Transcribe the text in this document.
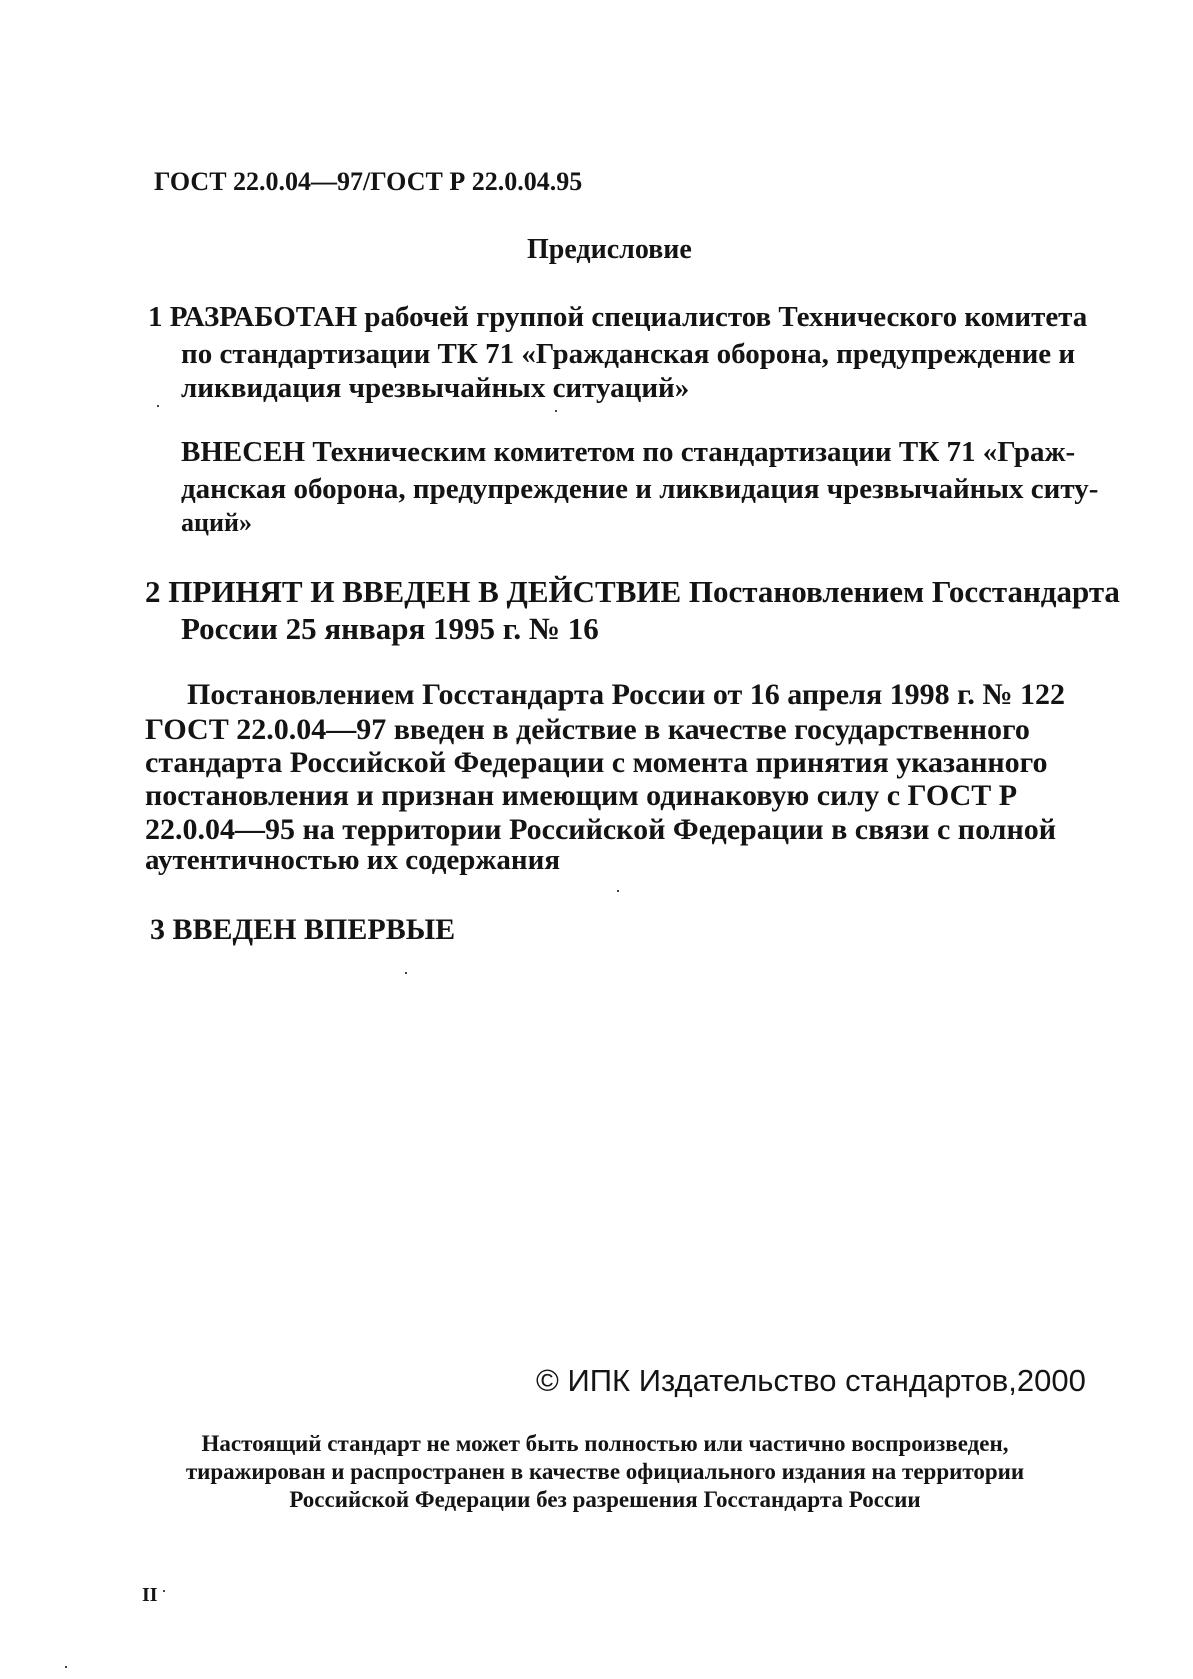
ГОСТ 22.0.04—97/ГОСТ Р 22.0.04.95
Предисловие
1 РАЗРАБОТАН рабочей группой специалистов Технического комитета
по стандартизации ТК 71 «Гражданская оборона, предупреждение и
ликвидация чрезвычайных ситуаций»
ВНЕСЕН Техническим комитетом по стандартизации ТК 71 «Граж-
данская оборона, предупреждение и ликвидация чрезвычайных ситу-
аций»
2 ПРИНЯТ И ВВЕДЕН В ДЕЙСТВИЕ Постановлением Госстандарта
России 25 января 1995 г. № 16
Постановлением Госстандарта России от 16 апреля 1998 г. № 122
ГОСТ 22.0.04—97 введен в действие в качестве государственного
стандарта Российской Федерации с момента принятия указанного
постановления и признан имеющим одинаковую силу с ГОСТ Р
22.0.04—95 на территории Российской Федерации в связи с полной
аутентичностью их содержания
3 ВВЕДЕН ВПЕРВЫЕ
© ИПК Издательство стандартов,2000
Настоящий стандарт не может быть полностью или частично воспроизведен,
тиражирован и распространен в качестве официального издания на территории
Российской Федерации без разрешения Госстандарта России
II
